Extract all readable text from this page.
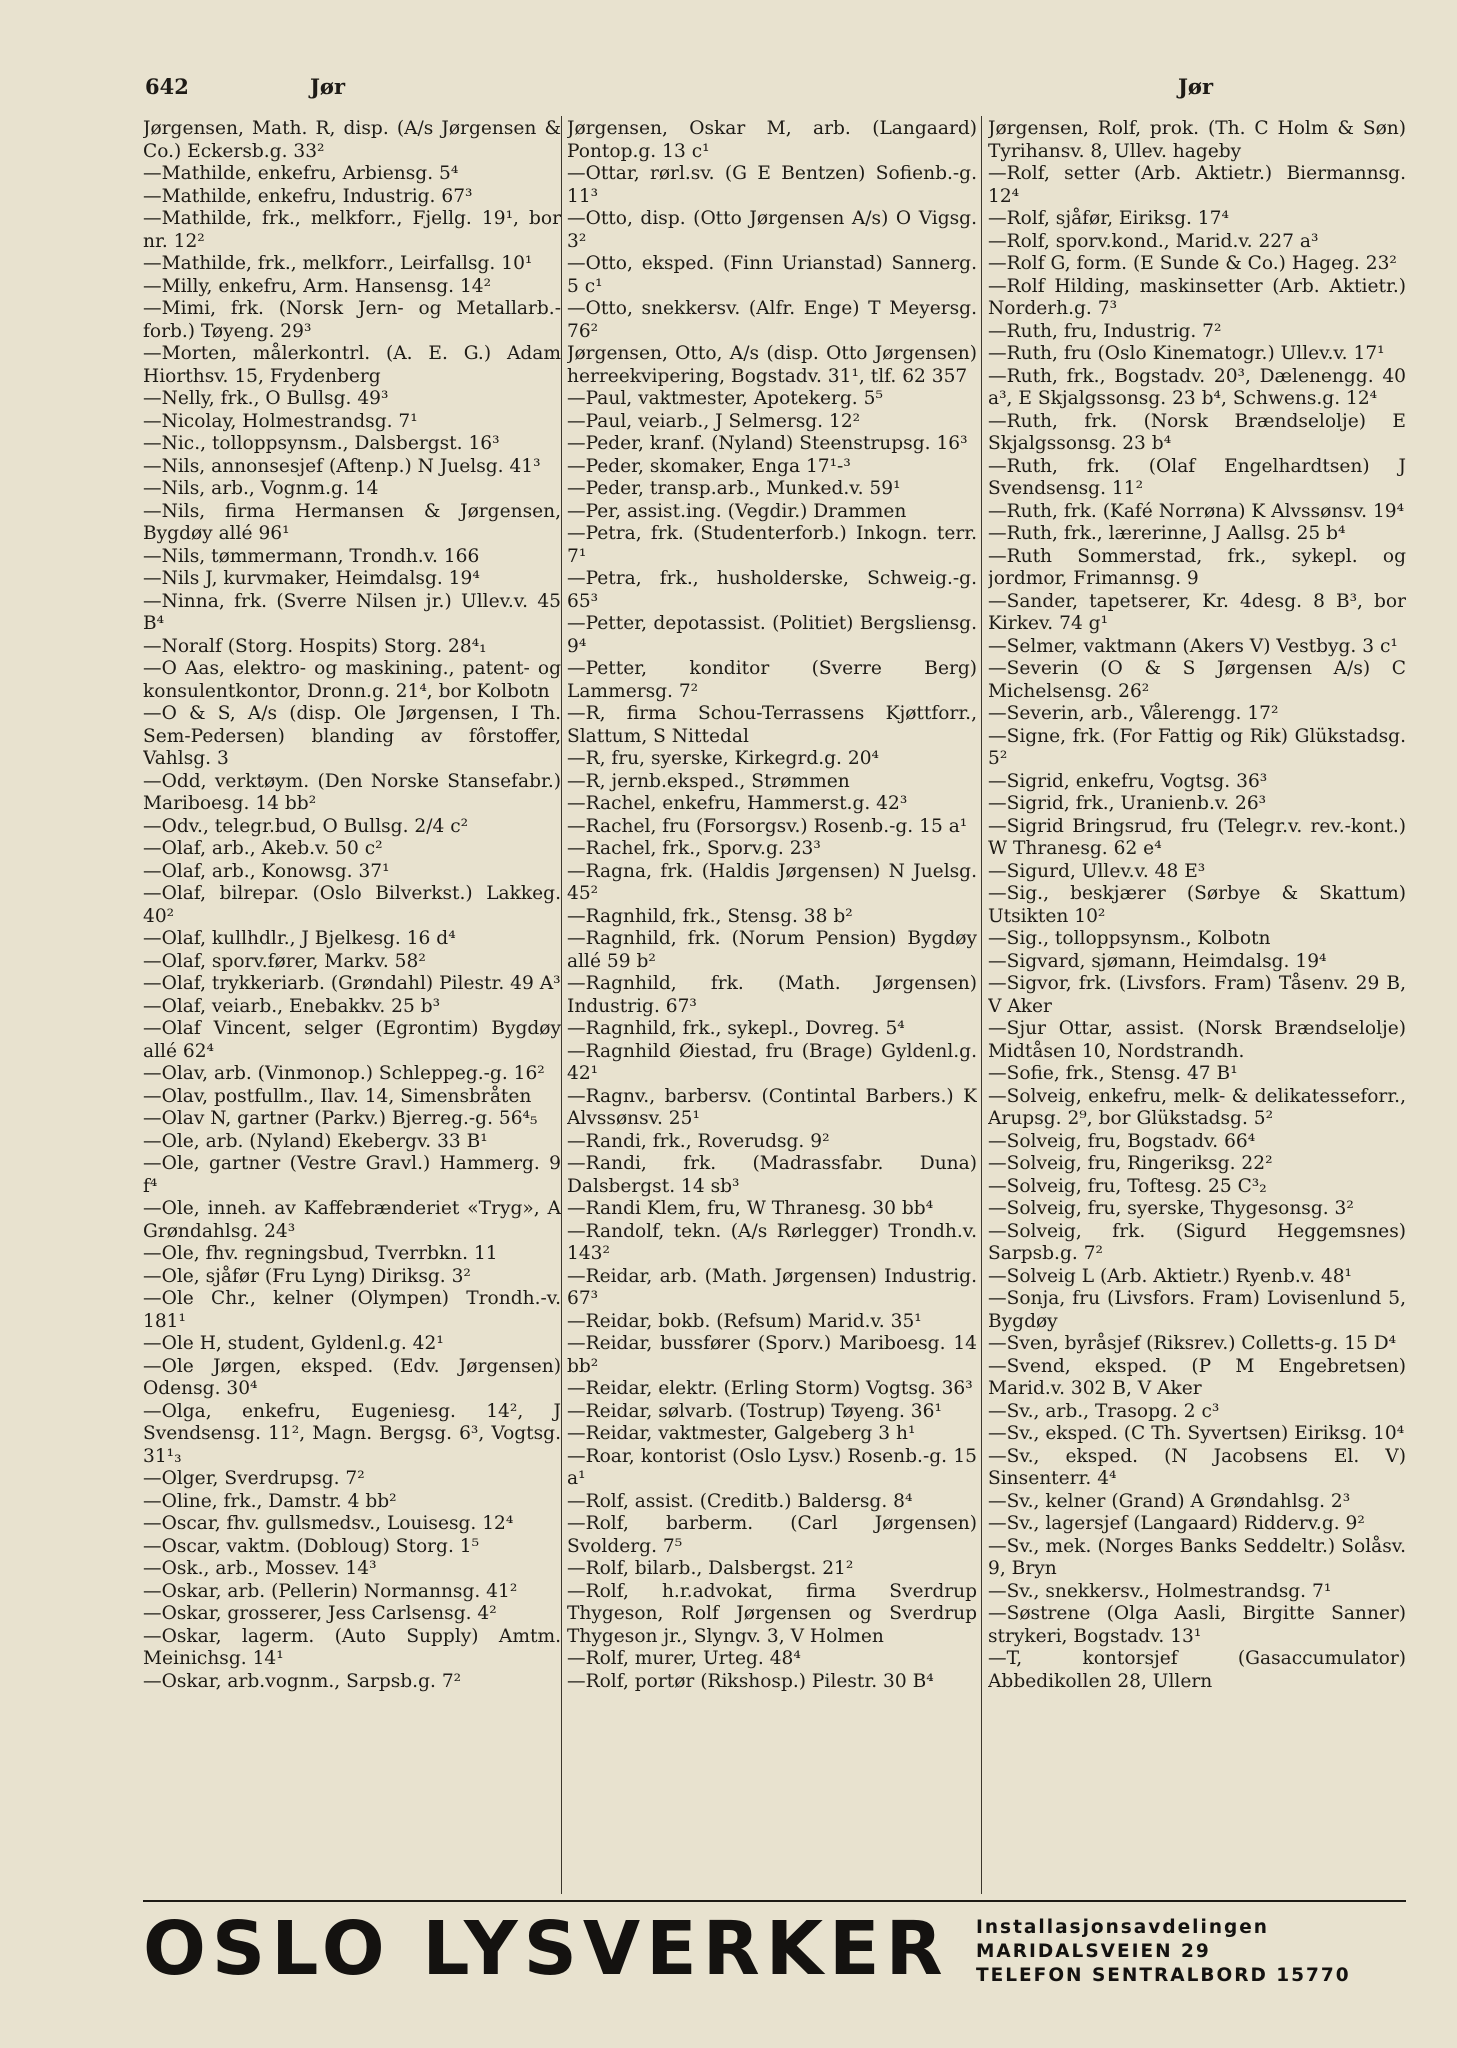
642	Jør	Jør
Jørgensen, Math. R, disp. (A/s Jørgensen & Co.) Eckersb.g. 33²
—Mathilde, enkefru, Arbiensg. 5⁴
—Mathilde, enkefru, Industrig. 67³
—Mathilde, frk., melkforr., Fjellg. 19¹, bor nr. 12²
—Mathilde, frk., melkforr., Leirfallsg. 10¹
—Milly, enkefru, Arm. Hansensg. 14²
—Mimi, frk. (Norsk Jern- og Metallarb.-forb.) Tøyeng. 29³
—Morten, målerkontrl. (A. E. G.) Adam Hiorthsv. 15, Frydenberg
—Nelly, frk., O Bullsg. 49³
—Nicolay, Holmestrandsg. 7¹
—Nic., tolloppsynsm., Dalsbergst. 16³
—Nils, annonsesjef (Aftenp.) N Juelsg. 41³
—Nils, arb., Vognm.g. 14
—Nils, firma Hermansen & Jørgensen, Bygdøy allé 96¹
—Nils, tømmermann, Trondh.v. 166
—Nils J, kurvmaker, Heimdalsg. 19⁴
—Ninna, frk. (Sverre Nilsen jr.) Ullev.v. 45 B⁴
—Noralf (Storg. Hospits) Storg. 28⁴₁
—O Aas, elektro- og maskining., patent- og konsulentkontor, Dronn.g. 21⁴, bor Kolbotn
—O & S, A/s (disp. Ole Jørgensen, I Th. Sem-Pedersen) blanding av fôrstoffer, Vahlsg. 3
—Odd, verktøym. (Den Norske Stansefabr.) Mariboesg. 14 bb²
—Odv., telegr.bud, O Bullsg. 2/4 c²
—Olaf, arb., Akeb.v. 50 c²
—Olaf, arb., Konowsg. 37¹
—Olaf, bilrepar. (Oslo Bilverkst.) Lakkeg. 40²
—Olaf, kullhdlr., J Bjelkesg. 16 d⁴
—Olaf, sporv.fører, Markv. 58²
—Olaf, trykkeriarb. (Grøndahl) Pilestr. 49 A³
—Olaf, veiarb., Enebakkv. 25 b³
—Olaf Vincent, selger (Egrontim) Bygdøy allé 62⁴
—Olav, arb. (Vinmonop.) Schleppeg.-g. 16²
—Olav, postfullm., Ilav. 14, Simensbråten
—Olav N, gartner (Parkv.) Bjerreg.-g. 56⁴₅
—Ole, arb. (Nyland) Ekebergv. 33 B¹
—Ole, gartner (Vestre Gravl.) Hammerg. 9 f⁴
—Ole, inneh. av Kaffebrænderiet «Tryg», A Grøndahlsg. 24³
—Ole, fhv. regningsbud, Tverrbkn. 11
—Ole, sjåfør (Fru Lyng) Diriksg. 3²
—Ole Chr., kelner (Olympen) Trondh.-v. 181¹
—Ole H, student, Gyldenl.g. 42¹
—Ole Jørgen, eksped. (Edv. Jørgensen) Odensg. 30⁴
—Olga, enkefru, Eugeniesg. 14², J Svendsensg. 11², Magn. Bergsg. 6³, Vogtsg. 31¹₃
—Olger, Sverdrupsg. 7²
—Oline, frk., Damstr. 4 bb²
—Oscar, fhv. gullsmedsv., Louisesg. 12⁴
—Oscar, vaktm. (Dobloug) Storg. 1⁵
—Osk., arb., Mossev. 14³
—Oskar, arb. (Pellerin) Normannsg. 41²
—Oskar, grosserer, Jess Carlsensg. 4²
—Oskar, lagerm. (Auto Supply) Amtm. Meinichsg. 14¹
—Oskar, arb.vognm., Sarpsb.g. 7²
Jørgensen, Oskar M, arb. (Langaard) Pontop.g. 13 c¹
—Ottar, rørl.sv. (G E Bentzen) Sofienb.-g. 11³
—Otto, disp. (Otto Jørgensen A/s) O Vigsg. 3²
—Otto, eksped. (Finn Urianstad) Sannerg. 5 c¹
—Otto, snekkersv. (Alfr. Enge) T Meyersg. 76²
Jørgensen, Otto, A/s (disp. Otto Jørgensen) herreekvipering, Bogstadv. 31¹, tlf. 62 357
—Paul, vaktmester, Apotekerg. 5⁵
—Paul, veiarb., J Selmersg. 12²
—Peder, kranf. (Nyland) Steenstrupsg. 16³
—Peder, skomaker, Enga 17¹-³
—Peder, transp.arb., Munked.v. 59¹
—Per, assist.ing. (Vegdir.) Drammen
—Petra, frk. (Studenterforb.) Inkogn. terr. 7¹
—Petra, frk., husholderske, Schweig.-g. 65³
—Petter, depotassist. (Politiet) Bergsliensg. 9⁴
—Petter, konditor (Sverre Berg) Lammersg. 7²
—R, firma Schou-Terrassens Kjøttforr., Slattum, S Nittedal
—R, fru, syerske, Kirkegrd.g. 20⁴
—R, jernb.eksped., Strømmen
—Rachel, enkefru, Hammerst.g. 42³
—Rachel, fru (Forsorgsv.) Rosenb.-g. 15 a¹
—Rachel, frk., Sporv.g. 23³
—Ragna, frk. (Haldis Jørgensen) N Juelsg. 45²
—Ragnhild, frk., Stensg. 38 b²
—Ragnhild, frk. (Norum Pension) Bygdøy allé 59 b²
—Ragnhild, frk. (Math. Jørgensen) Industrig. 67³
—Ragnhild, frk., sykepl., Dovreg. 5⁴
—Ragnhild Øiestad, fru (Brage) Gyldenl.g. 42¹
—Ragnv., barbersv. (Contintal Barbers.) K Alvssønsv. 25¹
—Randi, frk., Roverudsg. 9²
—Randi, frk. (Madrassfabr. Duna) Dalsbergst. 14 sb³
—Randi Klem, fru, W Thranesg. 30 bb⁴
—Randolf, tekn. (A/s Rørlegger) Trondh.v. 143²
—Reidar, arb. (Math. Jørgensen) Industrig. 67³
—Reidar, bokb. (Refsum) Marid.v. 35¹
—Reidar, bussfører (Sporv.) Mariboesg. 14 bb²
—Reidar, elektr. (Erling Storm) Vogtsg. 36³
—Reidar, sølvarb. (Tostrup) Tøyeng. 36¹
—Reidar, vaktmester, Galgeberg 3 h¹
—Roar, kontorist (Oslo Lysv.) Rosenb.-g. 15 a¹
—Rolf, assist. (Creditb.) Baldersg. 8⁴
—Rolf, barberm. (Carl Jørgensen) Svolderg. 7⁵
—Rolf, bilarb., Dalsbergst. 21²
—Rolf, h.r.advokat, firma Sverdrup Thygeson, Rolf Jørgensen og Sverdrup Thygeson jr., Slyngv. 3, V Holmen
—Rolf, murer, Urteg. 48⁴
—Rolf, portør (Rikshosp.) Pilestr. 30 B⁴
Jørgensen, Rolf, prok. (Th. C Holm & Søn) Tyrihansv. 8, Ullev. hageby
—Rolf, setter (Arb. Aktietr.) Biermannsg. 12⁴
—Rolf, sjåfør, Eiriksg. 17⁴
—Rolf, sporv.kond., Marid.v. 227 a³
—Rolf G, form. (E Sunde & Co.) Hageg. 23²
—Rolf Hilding, maskinsetter (Arb. Aktietr.) Norderh.g. 7³
—Ruth, fru, Industrig. 7²
—Ruth, fru (Oslo Kinematogr.) Ullev.v. 17¹
—Ruth, frk., Bogstadv. 20³, Dælenengg. 40 a³, E Skjalgssonsg. 23 b⁴, Schwens.g. 12⁴
—Ruth, frk. (Norsk Brændselolje) E Skjalgssonsg. 23 b⁴
—Ruth, frk. (Olaf Engelhardtsen) J Svendsensg. 11²
—Ruth, frk. (Kafé Norrøna) K Alvssønsv. 19⁴
—Ruth, frk., lærerinne, J Aallsg. 25 b⁴
—Ruth Sommerstad, frk., sykepl. og jordmor, Frimannsg. 9
—Sander, tapetserer, Kr. 4desg. 8 B³, bor Kirkev. 74 g¹
—Selmer, vaktmann (Akers V) Vestbyg. 3 c¹
—Severin (O & S Jørgensen A/s) C Michelsensg. 26²
—Severin, arb., Vålerengg. 17²
—Signe, frk. (For Fattig og Rik) Glükstadsg. 5²
—Sigrid, enkefru, Vogtsg. 36³
—Sigrid, frk., Uranienb.v. 26³
—Sigrid Bringsrud, fru (Telegr.v. rev.-kont.) W Thranesg. 62 e⁴
—Sigurd, Ullev.v. 48 E³
—Sig., beskjærer (Sørbye & Skattum) Utsikten 10²
—Sig., tolloppsynsm., Kolbotn
—Sigvard, sjømann, Heimdalsg. 19⁴
—Sigvor, frk. (Livsfors. Fram) Tåsenv. 29 B, V Aker
—Sjur Ottar, assist. (Norsk Brændselolje) Midtåsen 10, Nordstrandh.
—Sofie, frk., Stensg. 47 B¹
—Solveig, enkefru, melk- & delikatesseforr., Arupsg. 2⁹, bor Glükstadsg. 5²
—Solveig, fru, Bogstadv. 66⁴
—Solveig, fru, Ringeriksg. 22²
—Solveig, fru, Toftesg. 25 C³₂
—Solveig, fru, syerske, Thygesonsg. 3²
—Solveig, frk. (Sigurd Heggemsnes) Sarpsb.g. 7²
—Solveig L (Arb. Aktietr.) Ryenb.v. 48¹
—Sonja, fru (Livsfors. Fram) Lovisenlund 5, Bygdøy
—Sven, byråsjef (Riksrev.) Colletts-g. 15 D⁴
—Svend, eksped. (P M Engebretsen) Marid.v. 302 B, V Aker
—Sv., arb., Trasopg. 2 c³
—Sv., eksped. (C Th. Syvertsen) Eiriksg. 10⁴
—Sv., eksped. (N Jacobsens El. V) Sinsenterr. 4⁴
—Sv., kelner (Grand) A Grøndahlsg. 2³
—Sv., lagersjef (Langaard) Ridderv.g. 9²
—Sv., mek. (Norges Banks Seddeltr.) Solåsv. 9, Bryn
—Sv., snekkersv., Holmestrandsg. 7¹
—Søstrene (Olga Aasli, Birgitte Sanner) strykeri, Bogstadv. 13¹
—T, kontorsjef (Gasaccumulator) Abbedikollen 28, Ullern
OSLO LYSVERKER Installasjonsavdelingen
MARIDALSVEIEN 29
TELEFON SENTRALBORD 15770
